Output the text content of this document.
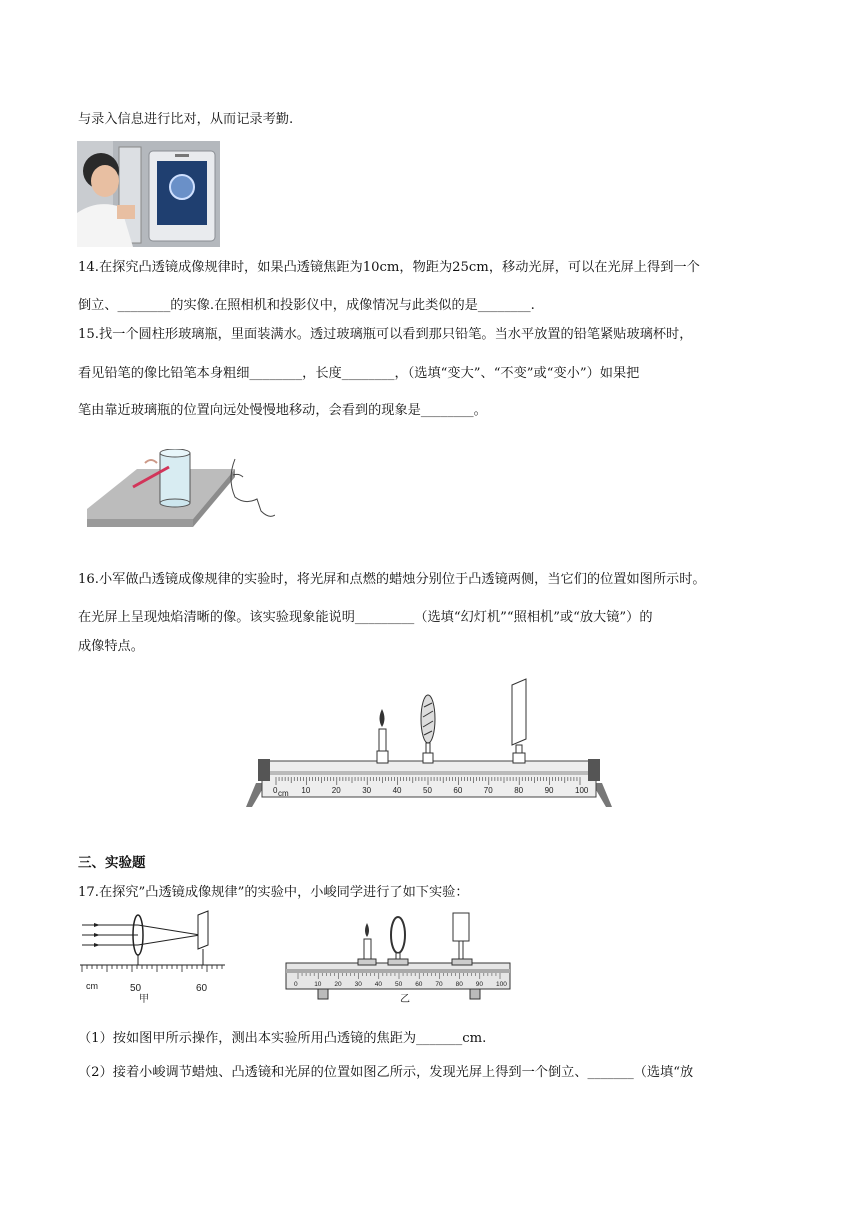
与录入信息进行比对，从而记录考勤.
14.在探究凸透镜成像规律时，如果凸透镜焦距为10cm，物距为25cm，移动光屏，可以在光屏上得到一个
倒立、________的实像.在照相机和投影仪中，成像情况与此类似的是________.
15.找一个圆柱形玻璃瓶，里面装满水。透过玻璃瓶可以看到那只铅笔。当水平放置的铅笔紧贴玻璃杯时，
看见铅笔的像比铅笔本身粗细________，长度________，（选填“变大”、“不变”或“变小”）如果把
笔由靠近玻璃瓶的位置向远处慢慢地移动，会看到的现象是________。
16.小军做凸透镜成像规律的实验时，将光屏和点燃的蜡烛分别位于凸透镜两侧，当它们的位置如图所示时。
在光屏上呈现烛焰清晰的像。该实验现象能说明_________（选填“幻灯机”“照相机”或“放大镜”）的
成像特点。
10	20	30	40	50	60	70	80	90	100
0 cm
三、实验题
17.在探究”凸透镜成像规律”的实验中，小峻同学进行了如下实验：
cm	50	60
甲
0	10 20 30 40 50 60 70 80 90 100
乙
（1）按如图甲所示操作，测出本实验所用凸透镜的焦距为_______cm.
（2）接着小峻调节蜡烛、凸透镜和光屏的位置如图乙所示，发现光屏上得到一个倒立、_______（选填“放
